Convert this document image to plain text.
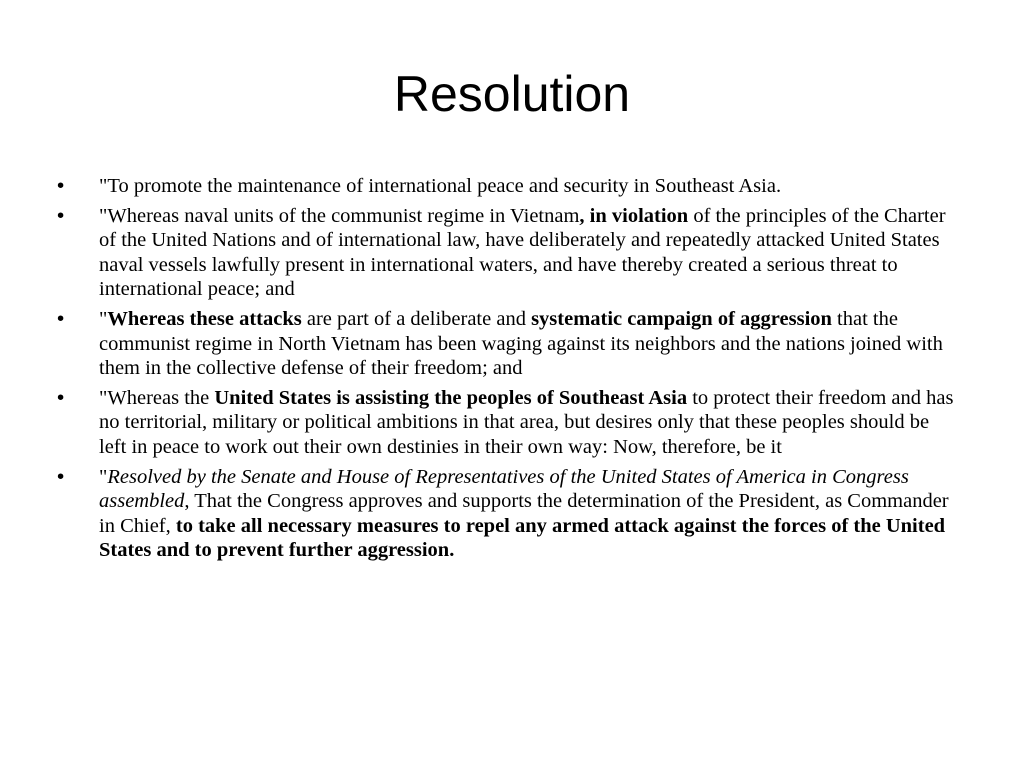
Resolution
• "To promote the maintenance of international peace and security in Southeast Asia.
• "Whereas naval units of the communist regime in Vietnam, in violation of the principles of the Charter of the United Nations and of international law, have deliberately and repeatedly attacked United States naval vessels lawfully present in international waters, and have thereby created a serious threat to international peace; and
• "Whereas these attacks are part of a deliberate and systematic campaign of aggression that the communist regime in North Vietnam has been waging against its neighbors and the nations joined with them in the collective defense of their freedom; and
• "Whereas the United States is assisting the peoples of Southeast Asia to protect their freedom and has no territorial, military or political ambitions in that area, but desires only that these peoples should be left in peace to work out their own destinies in their own way: Now, therefore, be it
• "Resolved by the Senate and House of Representatives of the United States of America in Congress assembled, That the Congress approves and supports the determination of the President, as Commander in Chief, to take all necessary measures to repel any armed attack against the forces of the United States and to prevent further aggression.
